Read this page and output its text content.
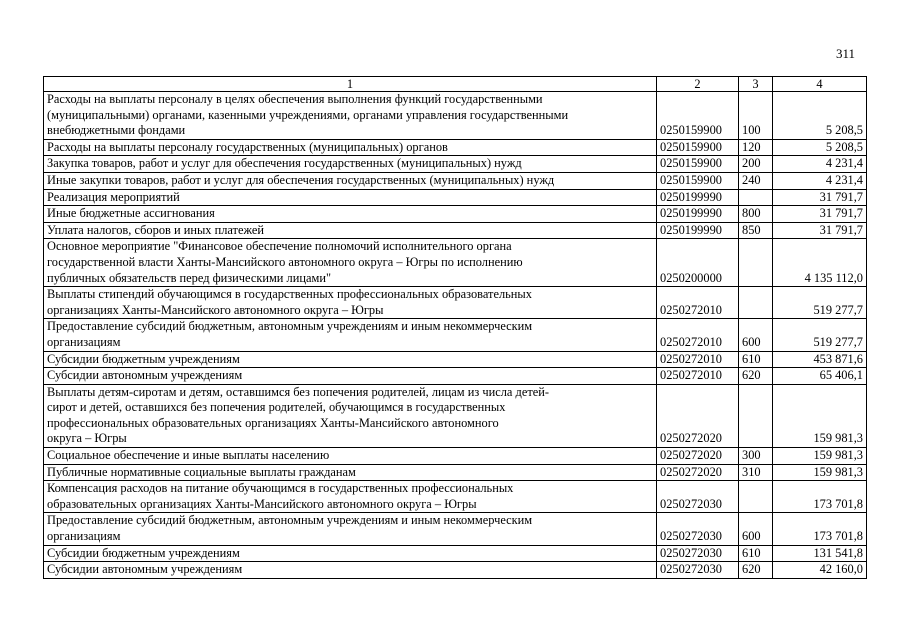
311
1	2	3	4
Расходы на выплаты персоналу в целях обеспечения выполнения функций государственными
(муниципальными) органами, казенными учреждениями, органами управления государственными
внебюджетными фондами	0250159900	100	5 208,5
Расходы на выплаты персоналу государственных (муниципальных) органов	0250159900	120	5 208,5
Закупка товаров, работ и услуг для обеспечения государственных (муниципальных) нужд	0250159900	200	4 231,4
Иные закупки товаров, работ и услуг для обеспечения государственных (муниципальных) нужд	0250159900	240	4 231,4
Реализация мероприятий	0250199990		31 791,7
Иные бюджетные ассигнования	0250199990	800	31 791,7
Уплата налогов, сборов и иных платежей	0250199990	850	31 791,7
Основное мероприятие "Финансовое обеспечение полномочий исполнительного органа
государственной власти Ханты-Мансийского автономного округа – Югры по исполнению
публичных обязательств перед физическими лицами"	0250200000		4 135 112,0
Выплаты стипендий обучающимся в государственных профессиональных образовательных
организациях Ханты-Мансийского автономного округа – Югры	0250272010		519 277,7
Предоставление субсидий бюджетным, автономным учреждениям и иным некоммерческим
организациям	0250272010	600	519 277,7
Субсидии бюджетным учреждениям	0250272010	610	453 871,6
Субсидии автономным учреждениям	0250272010	620	65 406,1
Выплаты детям-сиротам и детям, оставшимся без попечения родителей, лицам из числа детей-
сирот и детей, оставшихся без попечения родителей, обучающимся в государственных
профессиональных образовательных организациях Ханты-Мансийского автономного
округа – Югры	0250272020		159 981,3
Социальное обеспечение и иные выплаты населению	0250272020	300	159 981,3
Публичные нормативные социальные выплаты гражданам	0250272020	310	159 981,3
Компенсация расходов на питание обучающимся в государственных профессиональных
образовательных организациях Ханты-Мансийского автономного округа – Югры	0250272030		173 701,8
Предоставление субсидий бюджетным, автономным учреждениям и иным некоммерческим
организациям	0250272030	600	173 701,8
Субсидии бюджетным учреждениям	0250272030	610	131 541,8
Субсидии автономным учреждениям	0250272030	620	42 160,0
